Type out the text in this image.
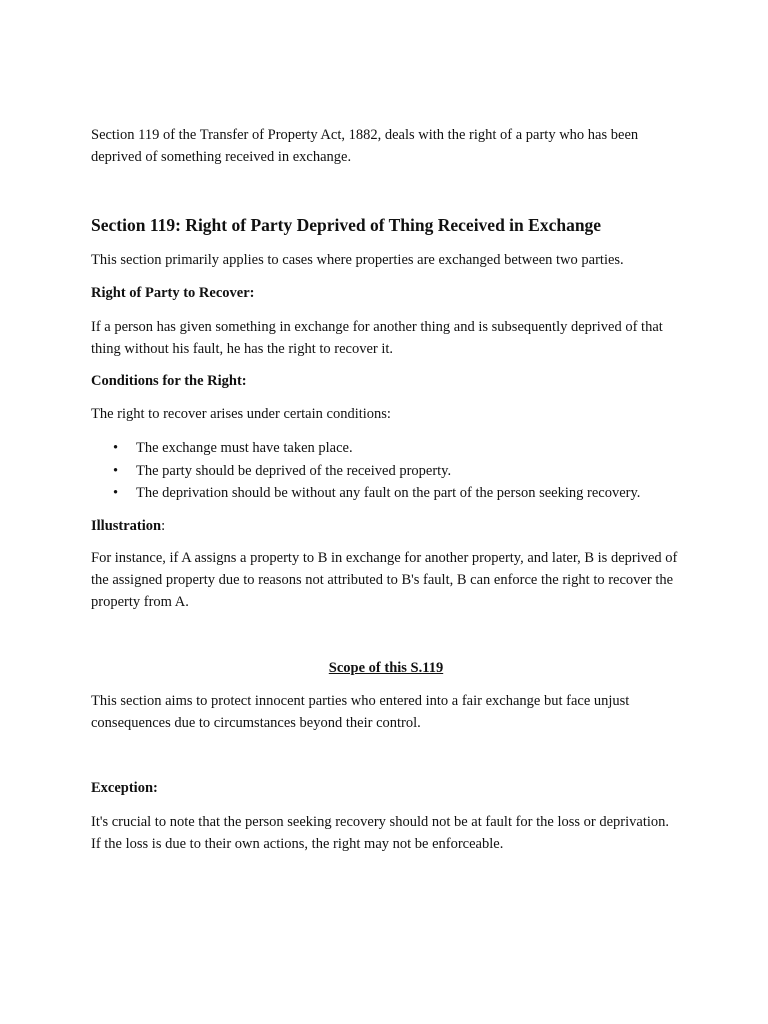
Section 119 of the Transfer of Property Act, 1882, deals with the right of a party who has been deprived of something received in exchange.

Section 119: Right of Party Deprived of Thing Received in Exchange

This section primarily applies to cases where properties are exchanged between two parties.

Right of Party to Recover:

If a person has given something in exchange for another thing and is subsequently deprived of that thing without his fault, he has the right to recover it.

Conditions for the Right:

The right to recover arises under certain conditions:

• The exchange must have taken place.
• The party should be deprived of the received property.
• The deprivation should be without any fault on the part of the person seeking recovery.

Illustration:

For instance, if A assigns a property to B in exchange for another property, and later, B is deprived of the assigned property due to reasons not attributed to B's fault, B can enforce the right to recover the property from A.

Scope of this S.119

This section aims to protect innocent parties who entered into a fair exchange but face unjust consequences due to circumstances beyond their control.

Exception:

It's crucial to note that the person seeking recovery should not be at fault for the loss or deprivation. If the loss is due to their own actions, the right may not be enforceable.
